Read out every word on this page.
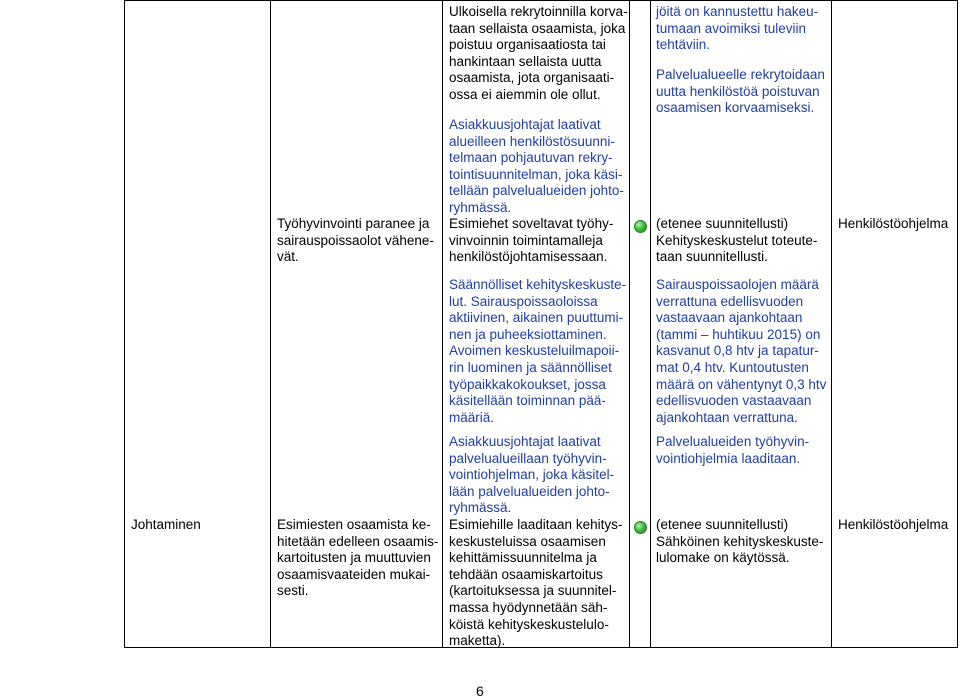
Ulkoisella rekrytoinnilla korva-
taan sellaista osaamista, joka
poistuu organisaatiosta tai
hankintaan sellaista uutta
osaamista, jota organisaati-
ossa ei aiemmin ole ollut.
jöitä on kannustettu hakeu-
tumaan avoimiksi tuleviin
tehtäviin.
Asiakkuusjohtajat laativat
alueilleen henkilöstösuunni-
telmaan pohjautuvan rekry-
tointisuunnitelman, joka käsi-
tellään palvelualueiden johto-
ryhmässä.
Palvelualueelle rekrytoidaan
uutta henkilöstöä poistuvan
osaamisen korvaamiseksi.
Työhyvinvointi paranee ja
sairauspoissaolot vähene-
vät.
Esimiehet soveltavat työhy-
vinvoinnin toimintamalleja
henkilöstöjohtamisessaan.
(etenee suunnitellusti)
Kehityskeskustelut toteute-
taan suunnitellusti.
Henkilöstöohjelma
Säännölliset kehityskeskuste-
lut. Sairauspoissaoloissa
aktiivinen, aikainen puuttumi-
nen ja puheeksiottaminen.
Avoimen keskusteluilmapoii-
rin luominen ja säännölliset
työpaikkakokoukset, jossa
käsitellään toiminnan pää-
määriä.
Sairauspoissaolojen määrä
verrattuna edellisvuoden
vastaavaan ajankohtaan
(tammi – huhtikuu 2015) on
kasvanut 0,8 htv ja tapatur-
mat 0,4 htv. Kuntoutusten
määrä on vähentynyt 0,3 htv
edellisvuoden vastaavaan
ajankohtaan verrattuna.
Asiakkuusjohtajat laativat
palvelualueillaan työhyvin-
vointiohjelman, joka käsitel-
lään palvelualueiden johto-
ryhmässä.
Palvelualueiden työhyvin-
vointiohjelmia laaditaan.
Johtaminen	Esimiesten osaamista ke-
hitetään edelleen osaamis-
kartoitusten ja muuttuvien
osaamisvaateiden mukai-
sesti.
Esimiehille laaditaan kehitys-
keskusteluissa osaamisen
kehittämissuunnitelma ja
tehdään osaamiskartoitus
(kartoituksessa ja suunnitel-
massa hyödynnetään säh-
köistä kehityskeskustelulo-
maketta).
(etenee suunnitellusti)
Sähköinen kehityskeskuste-
lulomake on käytössä.
Henkilöstöohjelma
6
